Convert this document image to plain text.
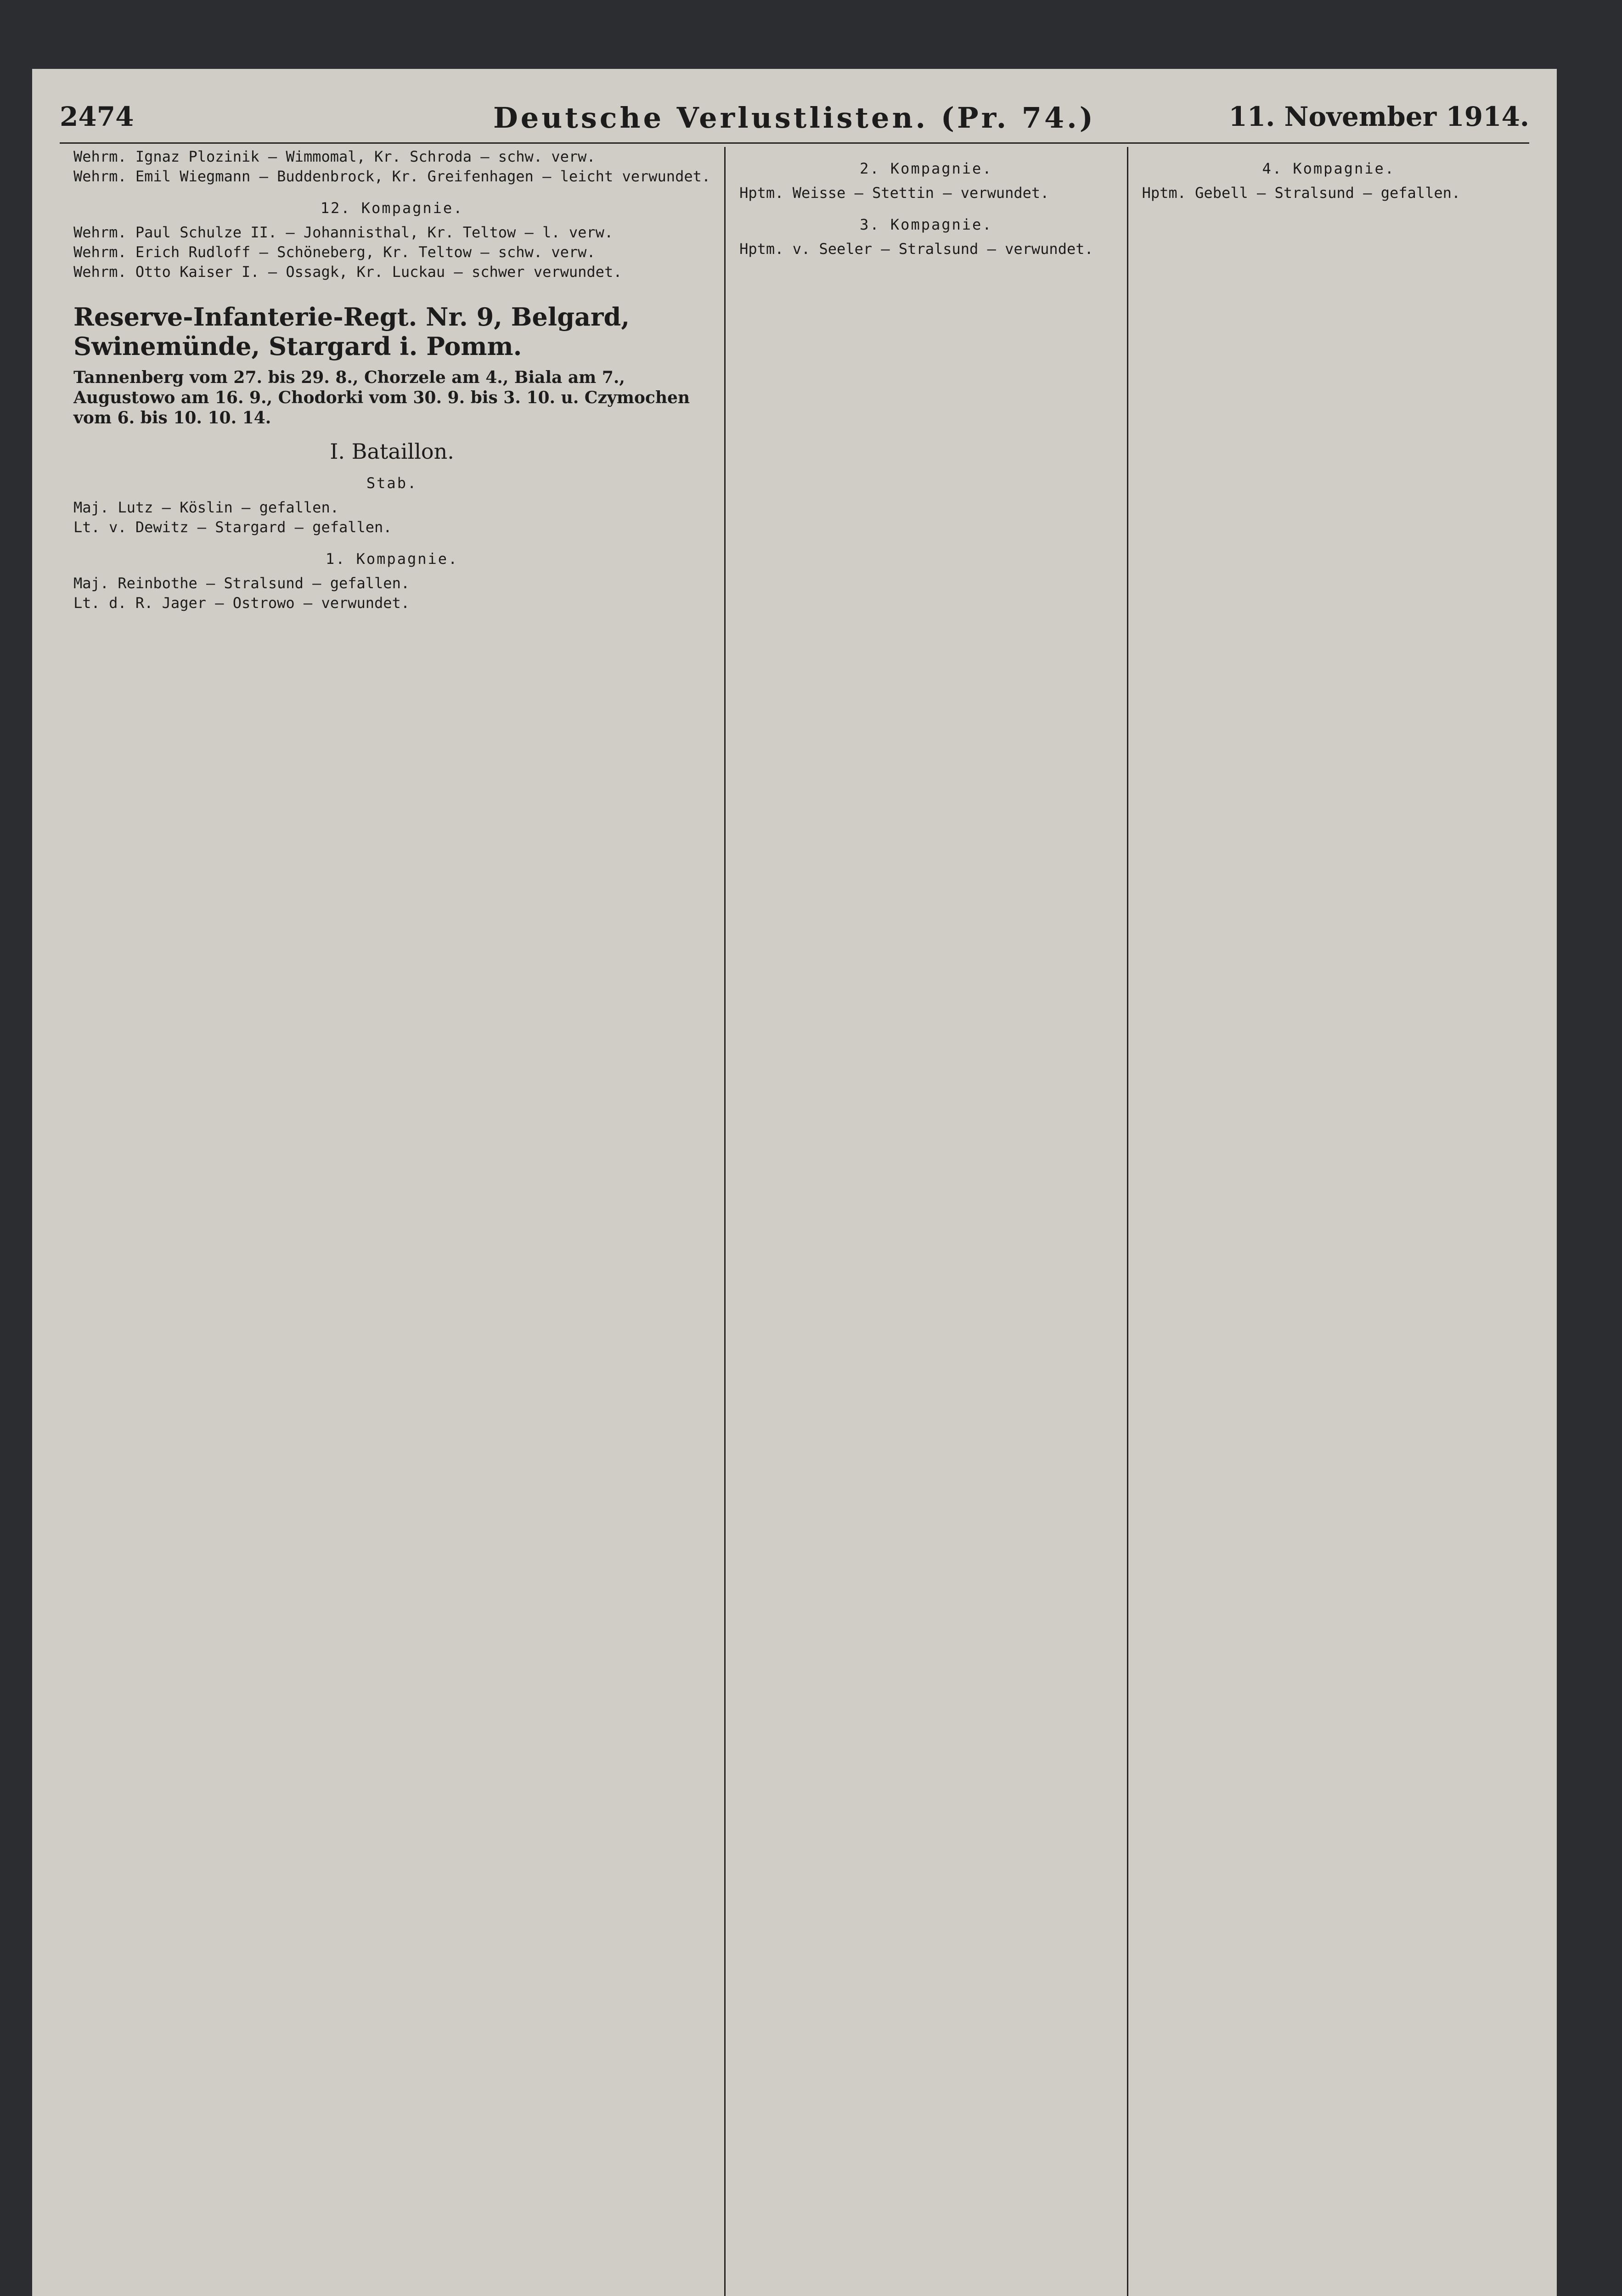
2474	Deutsche Verlustlisten. (Pr. 74.)	11. November 1914.
Wehrm. Ignaz Plozinik — Wimmomal, Kr. Schroda — schw. verw.
Wehrm. Emil Wiegmann — Buddenbrock, Kr. Greifenhagen — leicht verwundet.
12. Kompagnie.
Wehrm. Paul Schulze II. — Johannisthal, Kr. Teltow — l. verw.
Wehrm. Erich Rudloff — Schöneberg, Kr. Teltow — schw. verw.
Wehrm. Otto Kaiser I. — Ossagk, Kr. Luckau — schwer verwundet.
Reserve-Infanterie-Regt. Nr. 9, Belgard, Swinemünde, Stargard i. Pomm.
Tannenberg vom 27. bis 29. 8., Chorzele am 4., Biala am 7., Augustowo am 16. 9., Chodorki vom 30. 9. bis 3. 10. u. Czymochen vom 6. bis 10. 10. 14.
I. Bataillon.
Stab.
Maj. Lutz — Köslin — gefallen.
Lt. v. Dewitz — Stargard — gefallen.
1. Kompagnie.
Maj. Reinbothe — Stralsund — gefallen.
Lt. d. R. Jager — Ostrowo — verwundet.
2. Kompagnie.
Hptm. Weisse — Stettin — verwundet.
3. Kompagnie.
Hptm. v. Seeler — Stralsund — verwundet.
4. Kompagnie.
Hptm. Gebell — Stralsund — gefallen.
